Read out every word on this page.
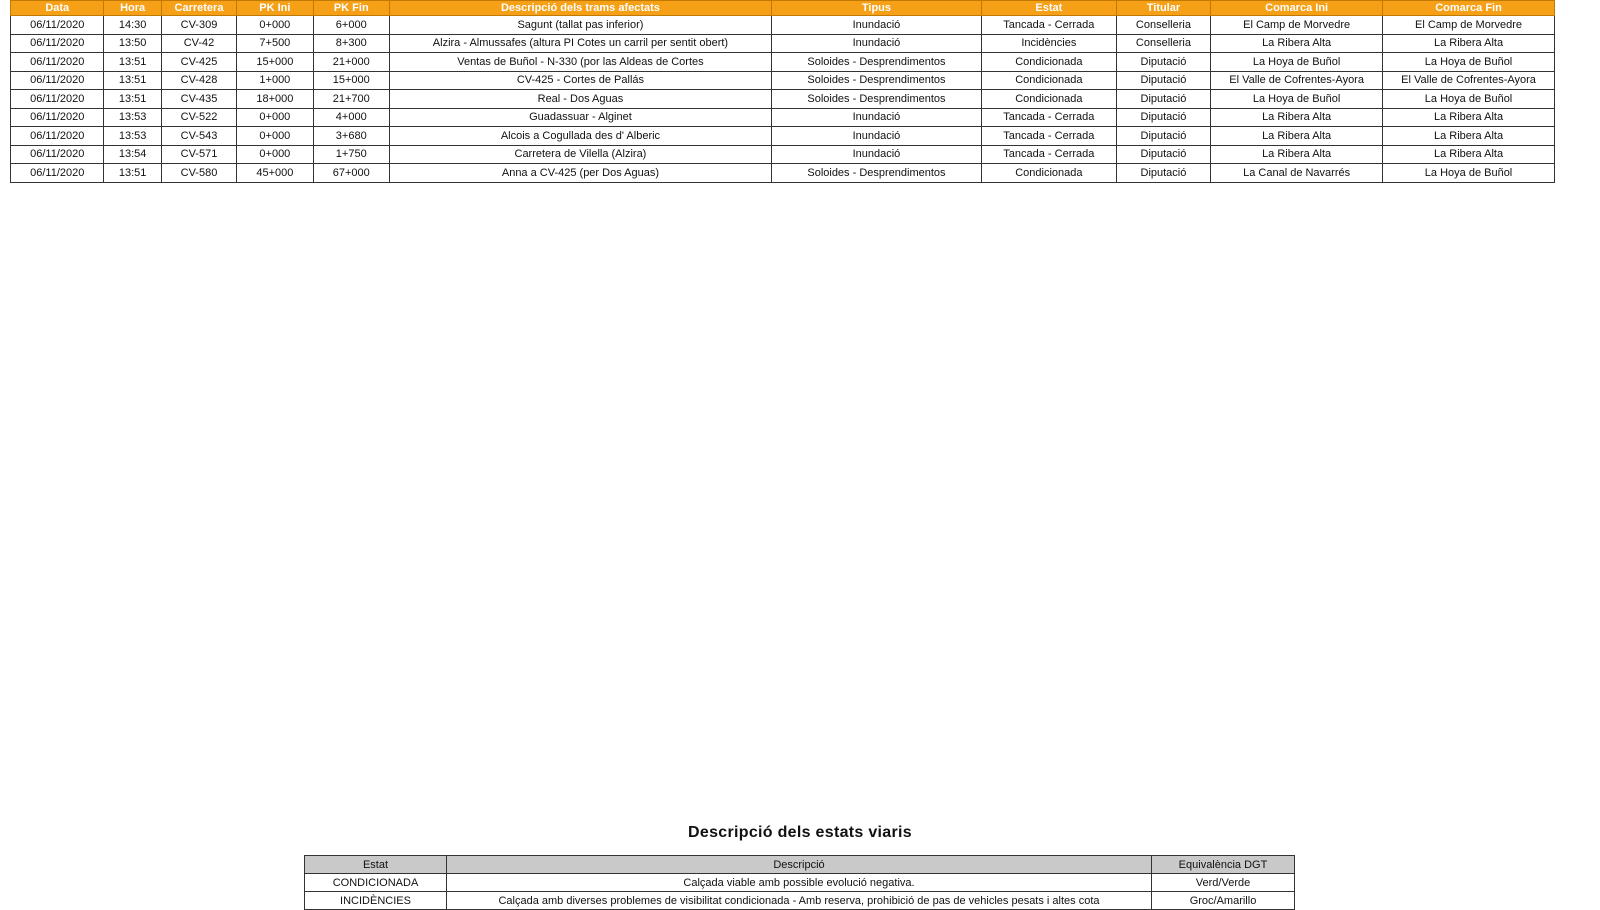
Data	Hora	Carretera	PK Ini	PK Fin	Descripció dels trams afectats	Tipus	Estat	Titular	Comarca Ini	Comarca Fin
06/11/2020	14:30	CV-309	0+000	6+000	Sagunt (tallat pas inferior)	Inundació	Tancada - Cerrada	Conselleria	El Camp de Morvedre	El Camp de Morvedre
06/11/2020	13:50	CV-42	7+500	8+300	Alzira - Almussafes (altura PI Cotes un carril per sentit obert)	Inundació	Incidències	Conselleria	La Ribera Alta	La Ribera Alta
06/11/2020	13:51	CV-425	15+000	21+000	Ventas de Buñol - N-330 (por las Aldeas de Cortes	Soloides - Desprendimentos	Condicionada	Diputació	La Hoya de Buñol	La Hoya de Buñol
06/11/2020	13:51	CV-428	1+000	15+000	CV-425 - Cortes de Pallás	Soloides - Desprendimentos	Condicionada	Diputació	El Valle de Cofrentes-Ayora	El Valle de Cofrentes-Ayora
06/11/2020	13:51	CV-435	18+000	21+700	Real - Dos Aguas	Soloides - Desprendimentos	Condicionada	Diputació	La Hoya de Buñol	La Hoya de Buñol
06/11/2020	13:53	CV-522	0+000	4+000	Guadassuar - Alginet	Inundació	Tancada - Cerrada	Diputació	La Ribera Alta	La Ribera Alta
06/11/2020	13:53	CV-543	0+000	3+680	Alcois a Cogullada des d' Alberic	Inundació	Tancada - Cerrada	Diputació	La Ribera Alta	La Ribera Alta
06/11/2020	13:54	CV-571	0+000	1+750	Carretera de Vilella (Alzira)	Inundació	Tancada - Cerrada	Diputació	La Ribera Alta	La Ribera Alta
06/11/2020	13:51	CV-580	45+000	67+000	Anna a CV-425 (per Dos Aguas)	Soloides - Desprendimentos	Condicionada	Diputació	La Canal de Navarrés	La Hoya de Buñol
Descripció dels estats viaris
Estat	Descripció	Equivalència DGT
CONDICIONADA	Calçada viable amb possible evolució negativa.	Verd/Verde
INCIDÈNCIES	Calçada amb diverses problemes de visibilitat condicionada - Amb reserva, prohibició de pas de vehicles pesats i altes cota	Groc/Amarillo
